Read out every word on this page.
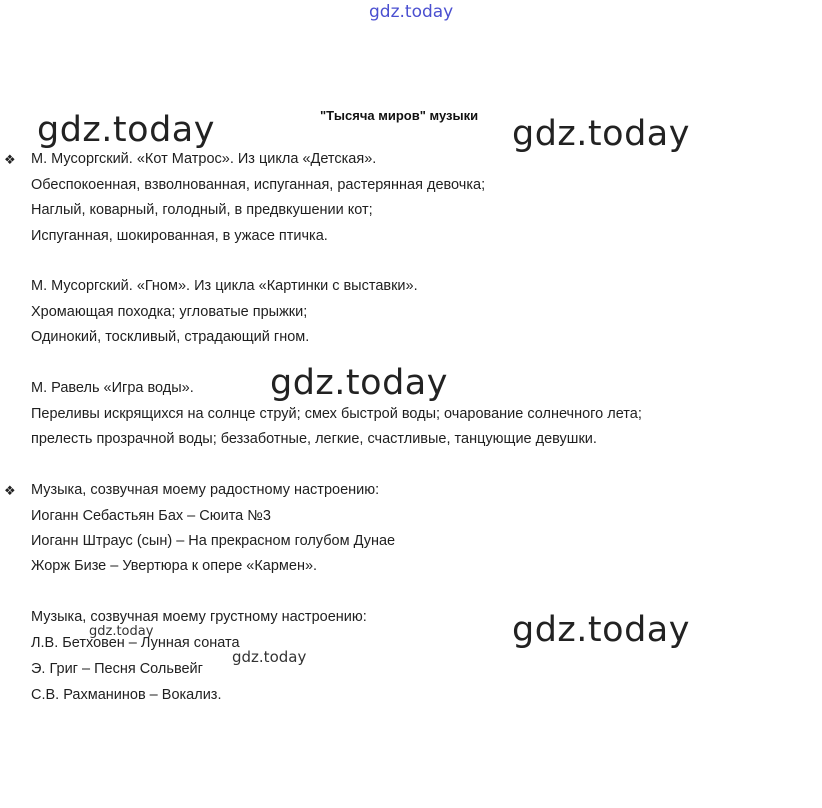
gdz.today
gdz.today	gdz.today
"Тысяча миров" музыки
❖ М. Мусоргский. «Кот Матрос». Из цикла «Детская».
Обеспокоенная, взволнованная, испуганная, растерянная девочка;
Наглый, коварный, голодный, в предвкушении кот;
Испуганная, шокированная, в ужасе птичка.
М. Мусоргский. «Гном». Из цикла «Картинки с выставки».
Хромающая походка; угловатые прыжки;
Одинокий, тоскливый, страдающий гном.
М. Равель «Игра воды».
Переливы искрящихся на солнце струй; смех быстрой воды; очарование солнечного лета;
прелесть прозрачной воды; беззаботные, легкие, счастливые, танцующие девушки.
❖ Музыка, созвучная моему радостному настроению:
Иоганн Себастьян Бах – Сюита №3
Иоганн Штраус (сын) – На прекрасном голубом Дунае
Жорж Бизе – Увертюра к опере «Кармен».
Музыка, созвучная моему грустному настроению:
Л.В. Бетховен – Лунная соната
Э. Григ – Песня Сольвейг
С.В. Рахманинов – Вокализ.
gdz.today
gdz.today
gdz.today
gdz.today
